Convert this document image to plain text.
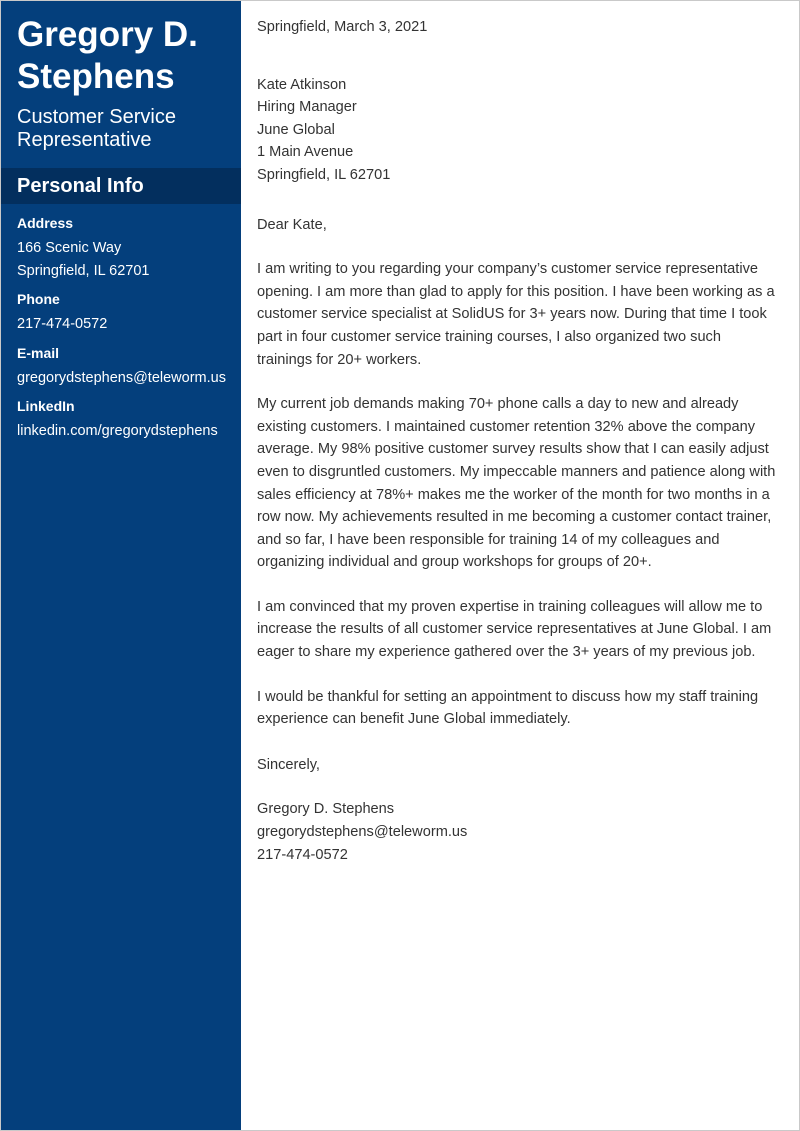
Gregory D.
Stephens
Customer Service
Representative
Personal Info
Address
166 Scenic Way
Springfield, IL 62701
Phone
217-474-0572
E-mail
gregorydstephens@teleworm.us
LinkedIn
linkedin.com/gregorydstephens

Springfield, March 3, 2021

Kate Atkinson
Hiring Manager
June Global
1 Main Avenue
Springfield, IL 62701

Dear Kate,

I am writing to you regarding your company’s customer service representative opening. I am more than glad to apply for this position. I have been working as a customer service specialist at SolidUS for 3+ years now. During that time I took part in four customer service training courses, I also organized two such trainings for 20+ workers.

My current job demands making 70+ phone calls a day to new and already existing customers. I maintained customer retention 32% above the company average. My 98% positive customer survey results show that I can easily adjust even to disgruntled customers. My impeccable manners and patience along with sales efficiency at 78%+ makes me the worker of the month for two months in a row now. My achievements resulted in me becoming a customer contact trainer, and so far, I have been responsible for training 14 of my colleagues and organizing individual and group workshops for groups of 20+.

I am convinced that my proven expertise in training colleagues will allow me to increase the results of all customer service representatives at June Global. I am eager to share my experience gathered over the 3+ years of my previous job.

I would be thankful for setting an appointment to discuss how my staff training experience can benefit June Global immediately.

Sincerely,

Gregory D. Stephens
gregorydstephens@teleworm.us
217-474-0572
